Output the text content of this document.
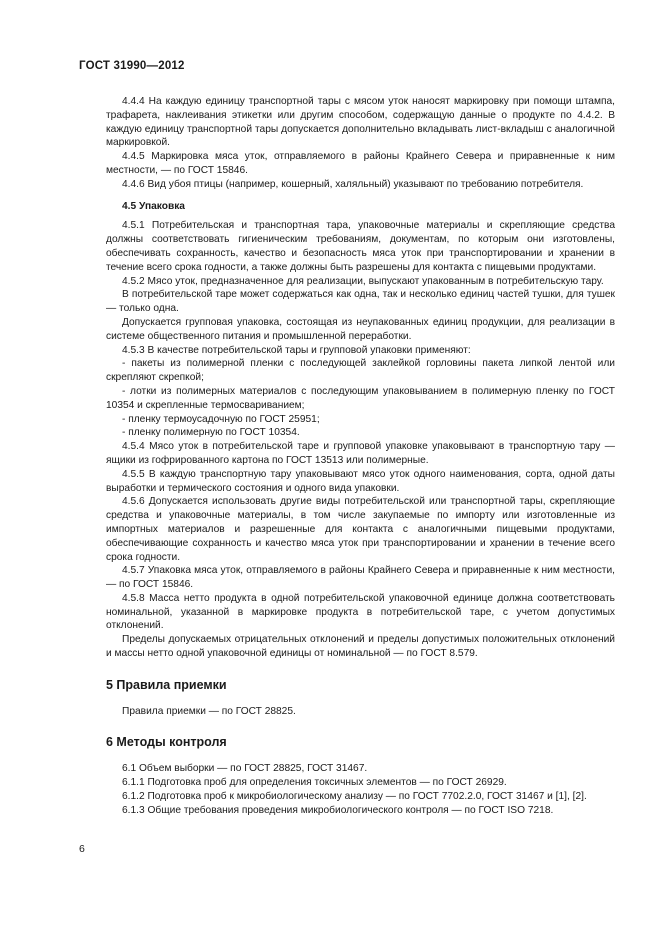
ГОСТ 31990—2012

4.4.4 На каждую единицу транспортной тары с мясом уток наносят маркировку при помощи штампа, трафарета, наклеивания этикетки или другим способом, содержащую данные о продукте по 4.4.2. В каждую единицу транспортной тары допускается дополнительно вкладывать лист-вкладыш с аналогичной маркировкой.

4.4.5 Маркировка мяса уток, отправляемого в районы Крайнего Севера и приравненные к ним местности, — по ГОСТ 15846.

4.4.6 Вид убоя птицы (например, кошерный, халяльный) указывают по требованию потребителя.

4.5 Упаковка

4.5.1 Потребительская и транспортная тара, упаковочные материалы и скрепляющие средства должны соответствовать гигиеническим требованиям, документам, по которым они изготовлены, обеспечивать сохранность, качество и безопасность мяса уток при транспортировании и хранении в течение всего срока годности, а также должны быть разрешены для контакта с пищевыми продуктами.

4.5.2 Мясо уток, предназначенное для реализации, выпускают упакованным в потребительскую тару.

В потребительской таре может содержаться как одна, так и несколько единиц частей тушки, для тушек — только одна.

Допускается групповая упаковка, состоящая из неупакованных единиц продукции, для реализации в системе общественного питания и промышленной переработки.

4.5.3 В качестве потребительской тары и групповой упаковки применяют:

- пакеты из полимерной пленки с последующей заклейкой горловины пакета липкой лентой или скрепляют скрепкой;

- лотки из полимерных материалов с последующим упаковыванием в полимерную пленку по ГОСТ 10354 и скрепленные термосвариванием;

- пленку термоусадочную по ГОСТ 25951;

- пленку полимерную по ГОСТ 10354.

4.5.4 Мясо уток в потребительской таре и групповой упаковке упаковывают в транспортную тару — ящики из гофрированного картона по ГОСТ 13513 или полимерные.

4.5.5 В каждую транспортную тару упаковывают мясо уток одного наименования, сорта, одной даты выработки и термического состояния и одного вида упаковки.

4.5.6 Допускается использовать другие виды потребительской или транспортной тары, скрепляющие средства и упаковочные материалы, в том числе закупаемые по импорту или изготовленные из импортных материалов и разрешенные для контакта с аналогичными пищевыми продуктами, обеспечивающие сохранность и качество мяса уток при транспортировании и хранении в течение всего срока годности.

4.5.7 Упаковка мяса уток, отправляемого в районы Крайнего Севера и приравненные к ним местности, — по ГОСТ 15846.

4.5.8 Масса нетто продукта в одной потребительской упаковочной единице должна соответствовать номинальной, указанной в маркировке продукта в потребительской таре, с учетом допустимых отклонений.

Пределы допускаемых отрицательных отклонений и пределы допустимых положительных отклонений и массы нетто одной упаковочной единицы от номинальной — по ГОСТ 8.579.

5 Правила приемки

Правила приемки — по ГОСТ 28825.

6 Методы контроля

6.1 Объем выборки — по ГОСТ 28825, ГОСТ 31467.

6.1.1 Подготовка проб для определения токсичных элементов — по ГОСТ 26929.

6.1.2 Подготовка проб к микробиологическому анализу — по ГОСТ 7702.2.0, ГОСТ 31467 и [1], [2].

6.1.3 Общие требования проведения микробиологического контроля — по ГОСТ ISO 7218.

6
